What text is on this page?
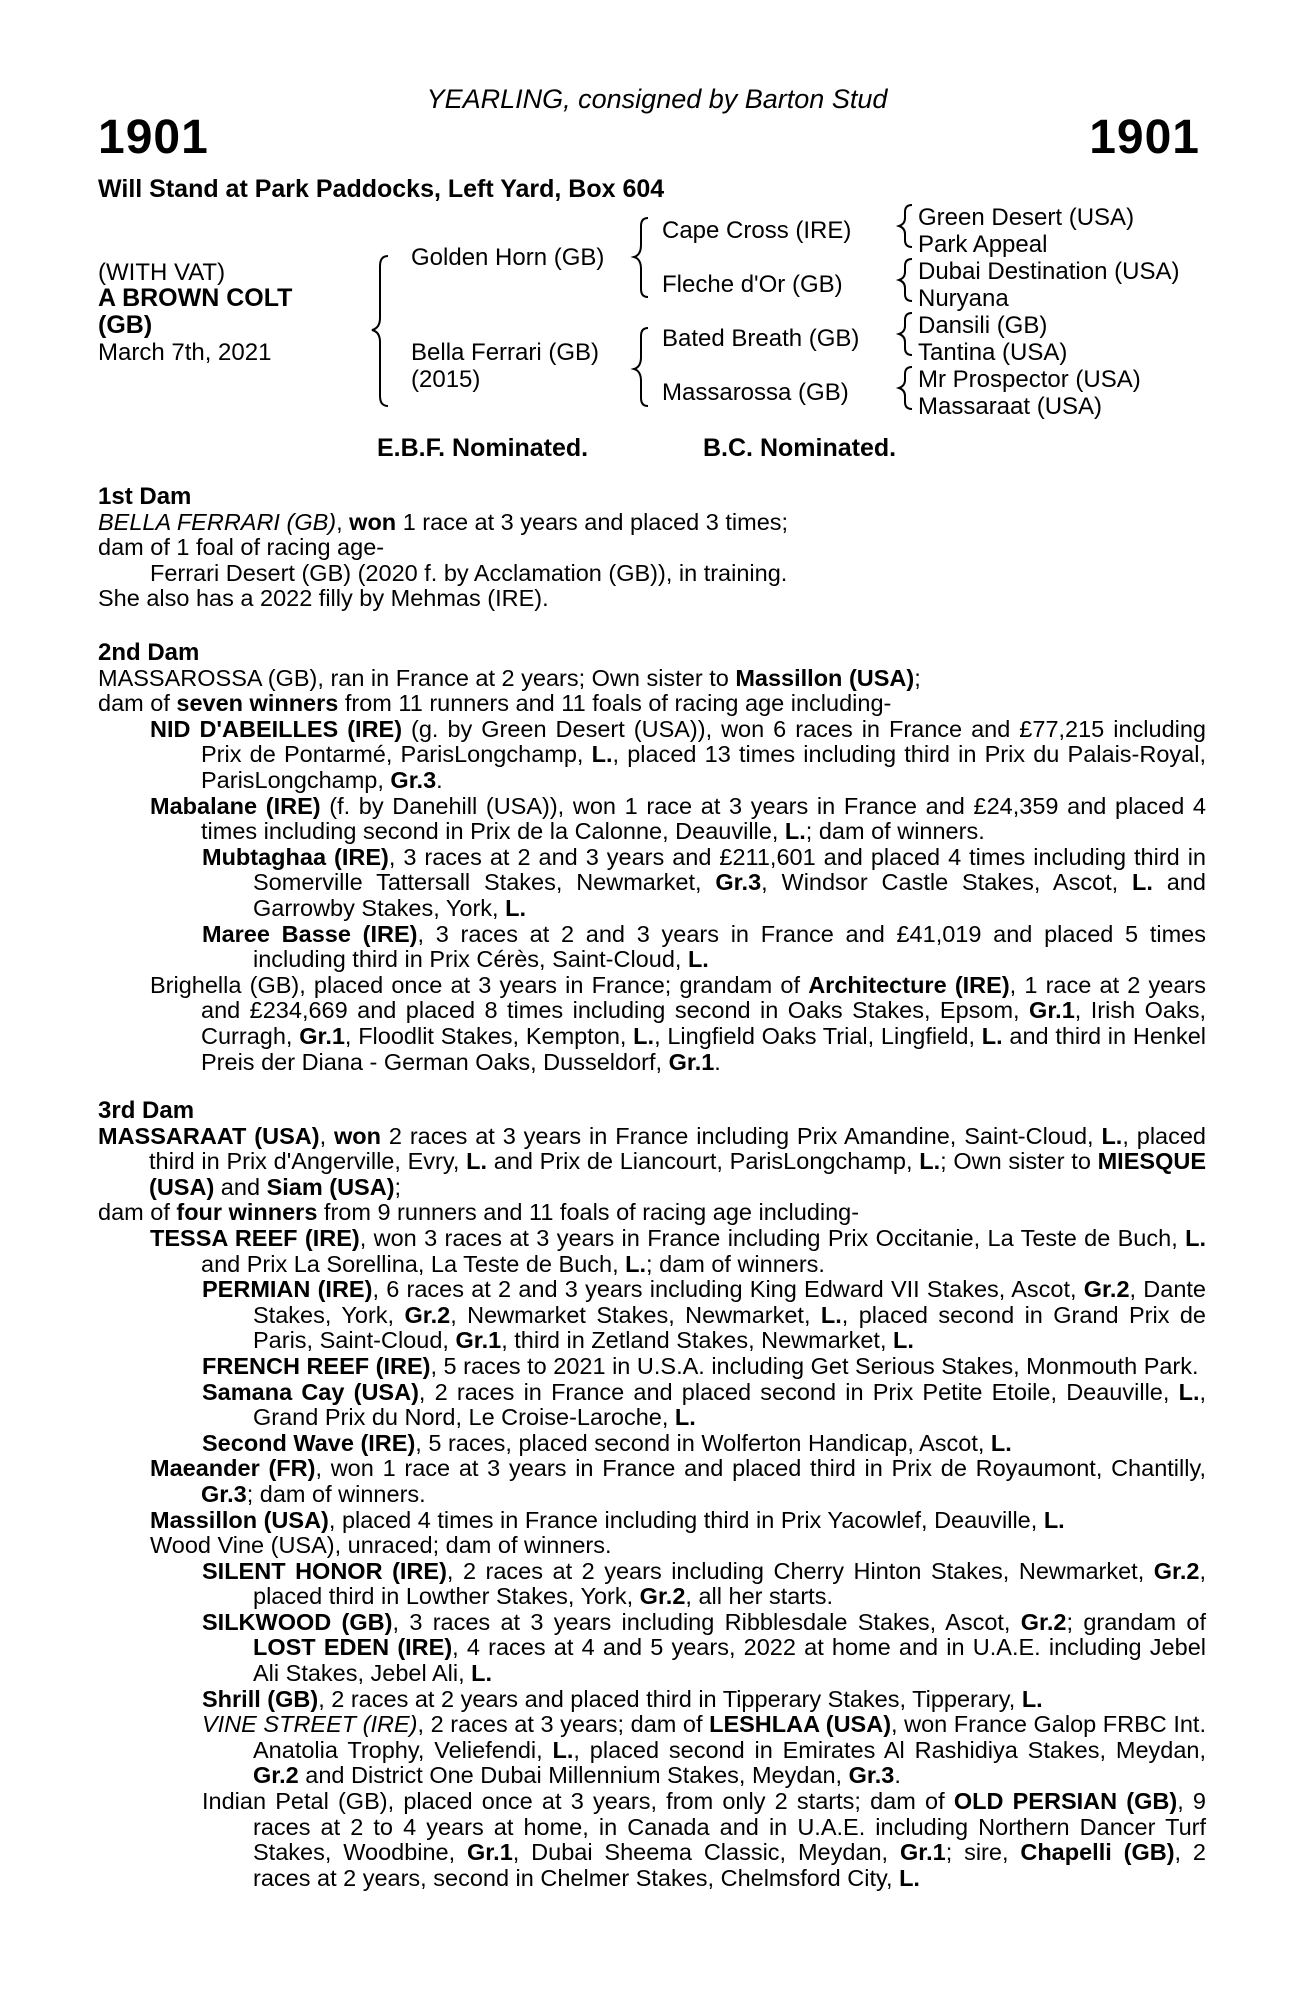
YEARLING, consigned by Barton Stud
1901	1901
Will Stand at Park Paddocks, Left Yard, Box 604
(WITH VAT)
A BROWN COLT
(GB)
March 7th, 2021
Golden Horn (GB)
Bella Ferrari (GB)
(2015)
Cape Cross (IRE)
Fleche d'Or (GB)
Bated Breath (GB)
Massarossa (GB)
Green Desert (USA)
Park Appeal
Dubai Destination (USA)
Nuryana
Dansili (GB)
Tantina (USA)
Mr Prospector (USA)
Massaraat (USA)
E.B.F. Nominated.	B.C. Nominated.

1st Dam

BELLA FERRARI (GB), won 1 race at 3 years and placed 3 times;

dam of 1 foal of racing age-

Ferrari Desert (GB) (2020 f. by Acclamation (GB)), in training.

She also has a 2022 filly by Mehmas (IRE).

2nd Dam

MASSAROSSA (GB), ran in France at 2 years; Own sister to Massillon (USA);

dam of seven winners from 11 runners and 11 foals of racing age including-

NID D'ABEILLES (IRE) (g. by Green Desert (USA)), won 6 races in France and £77,215 including Prix de Pontarmé, ParisLongchamp, L., placed 13 times including third in Prix du Palais-Royal, ParisLongchamp, Gr.3.

Mabalane (IRE) (f. by Danehill (USA)), won 1 race at 3 years in France and £24,359 and placed 4 times including second in Prix de la Calonne, Deauville, L.; dam of winners.

Mubtaghaa (IRE), 3 races at 2 and 3 years and £211,601 and placed 4 times including third in Somerville Tattersall Stakes, Newmarket, Gr.3, Windsor Castle Stakes, Ascot, L. and Garrowby Stakes, York, L.

Maree Basse (IRE), 3 races at 2 and 3 years in France and £41,019 and placed 5 times including third in Prix Cérès, Saint-Cloud, L.

Brighella (GB), placed once at 3 years in France; grandam of Architecture (IRE), 1 race at 2 years and £234,669 and placed 8 times including second in Oaks Stakes, Epsom, Gr.1, Irish Oaks, Curragh, Gr.1, Floodlit Stakes, Kempton, L., Lingfield Oaks Trial, Lingfield, L. and third in Henkel Preis der Diana - German Oaks, Dusseldorf, Gr.1.

3rd Dam

MASSARAAT (USA), won 2 races at 3 years in France including Prix Amandine, Saint-Cloud, L., placed third in Prix d'Angerville, Evry, L. and Prix de Liancourt, ParisLongchamp, L.; Own sister to MIESQUE (USA) and Siam (USA);

dam of four winners from 9 runners and 11 foals of racing age including-

TESSA REEF (IRE), won 3 races at 3 years in France including Prix Occitanie, La Teste de Buch, L. and Prix La Sorellina, La Teste de Buch, L.; dam of winners.

PERMIAN (IRE), 6 races at 2 and 3 years including King Edward VII Stakes, Ascot, Gr.2, Dante Stakes, York, Gr.2, Newmarket Stakes, Newmarket, L., placed second in Grand Prix de Paris, Saint-Cloud, Gr.1, third in Zetland Stakes, Newmarket, L.

FRENCH REEF (IRE), 5 races to 2021 in U.S.A. including Get Serious Stakes, Monmouth Park.

Samana Cay (USA), 2 races in France and placed second in Prix Petite Etoile, Deauville, L., Grand Prix du Nord, Le Croise-Laroche, L.

Second Wave (IRE), 5 races, placed second in Wolferton Handicap, Ascot, L.

Maeander (FR), won 1 race at 3 years in France and placed third in Prix de Royaumont, Chantilly, Gr.3; dam of winners.

Massillon (USA), placed 4 times in France including third in Prix Yacowlef, Deauville, L.

Wood Vine (USA), unraced; dam of winners.

SILENT HONOR (IRE), 2 races at 2 years including Cherry Hinton Stakes, Newmarket, Gr.2, placed third in Lowther Stakes, York, Gr.2, all her starts.

SILKWOOD (GB), 3 races at 3 years including Ribblesdale Stakes, Ascot, Gr.2; grandam of LOST EDEN (IRE), 4 races at 4 and 5 years, 2022 at home and in U.A.E. including Jebel Ali Stakes, Jebel Ali, L.

Shrill (GB), 2 races at 2 years and placed third in Tipperary Stakes, Tipperary, L.

VINE STREET (IRE), 2 races at 3 years; dam of LESHLAA (USA), won France Galop FRBC Int. Anatolia Trophy, Veliefendi, L., placed second in Emirates Al Rashidiya Stakes, Meydan, Gr.2 and District One Dubai Millennium Stakes, Meydan, Gr.3.

Indian Petal (GB), placed once at 3 years, from only 2 starts; dam of OLD PERSIAN (GB), 9 races at 2 to 4 years at home, in Canada and in U.A.E. including Northern Dancer Turf Stakes, Woodbine, Gr.1, Dubai Sheema Classic, Meydan, Gr.1; sire, Chapelli (GB), 2 races at 2 years, second in Chelmer Stakes, Chelmsford City, L.
